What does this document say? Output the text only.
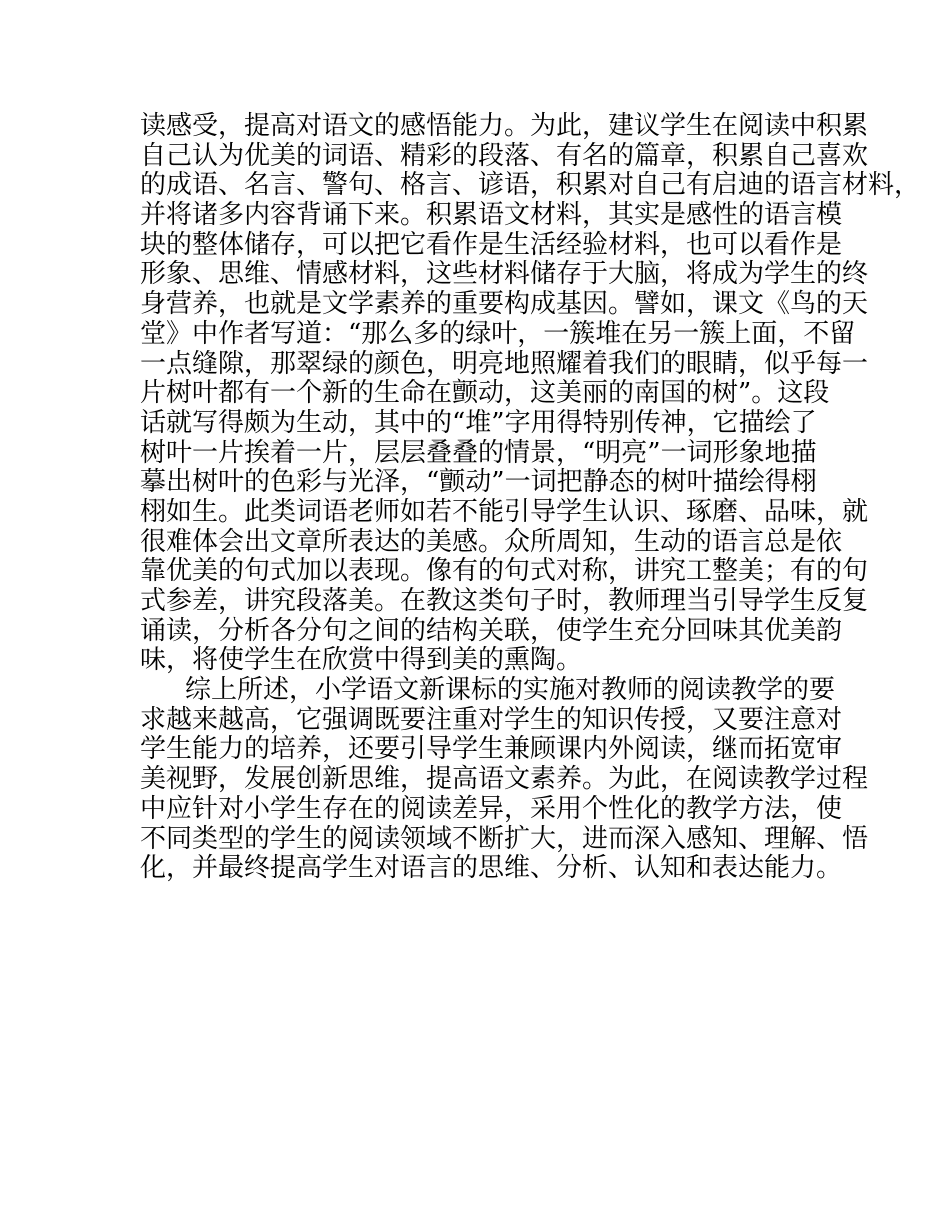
读感受，提高对语文的感悟能力。为此，建议学生在阅读中积累
自己认为优美的词语、精彩的段落、有名的篇章，积累自己喜欢
的成语、名言、警句、格言、谚语，积累对自己有启迪的语言材料，
并将诸多内容背诵下来。积累语文材料，其实是感性的语言模
块的整体储存，可以把它看作是生活经验材料，也可以看作是
形象、思维、情感材料，这些材料储存于大脑，将成为学生的终
身营养，也就是文学素养的重要构成基因。譬如，课文《鸟的天
堂》中作者写道：“那么多的绿叶，一簇堆在另一簇上面，不留
一点缝隙，那翠绿的颜色，明亮地照耀着我们的眼睛，似乎每一
片树叶都有一个新的生命在颤动，这美丽的南国的树”。这段
话就写得颇为生动，其中的“堆”字用得特别传神，它描绘了
树叶一片挨着一片，层层叠叠的情景，“明亮”一词形象地描
摹出树叶的色彩与光泽，“颤动”一词把静态的树叶描绘得栩
栩如生。此类词语老师如若不能引导学生认识、琢磨、品味，就
很难体会出文章所表达的美感。众所周知，生动的语言总是依
靠优美的句式加以表现。像有的句式对称，讲究工整美；有的句
式参差，讲究段落美。在教这类句子时，教师理当引导学生反复
诵读，分析各分句之间的结构关联，使学生充分回味其优美韵
味，将使学生在欣赏中得到美的熏陶。
综上所述，小学语文新课标的实施对教师的阅读教学的要
求越来越高，它强调既要注重对学生的知识传授，又要注意对
学生能力的培养，还要引导学生兼顾课内外阅读，继而拓宽审
美视野，发展创新思维，提高语文素养。为此，在阅读教学过程
中应针对小学生存在的阅读差异，采用个性化的教学方法，使
不同类型的学生的阅读领域不断扩大，进而深入感知、理解、悟
化，并最终提高学生对语言的思维、分析、认知和表达能力。
